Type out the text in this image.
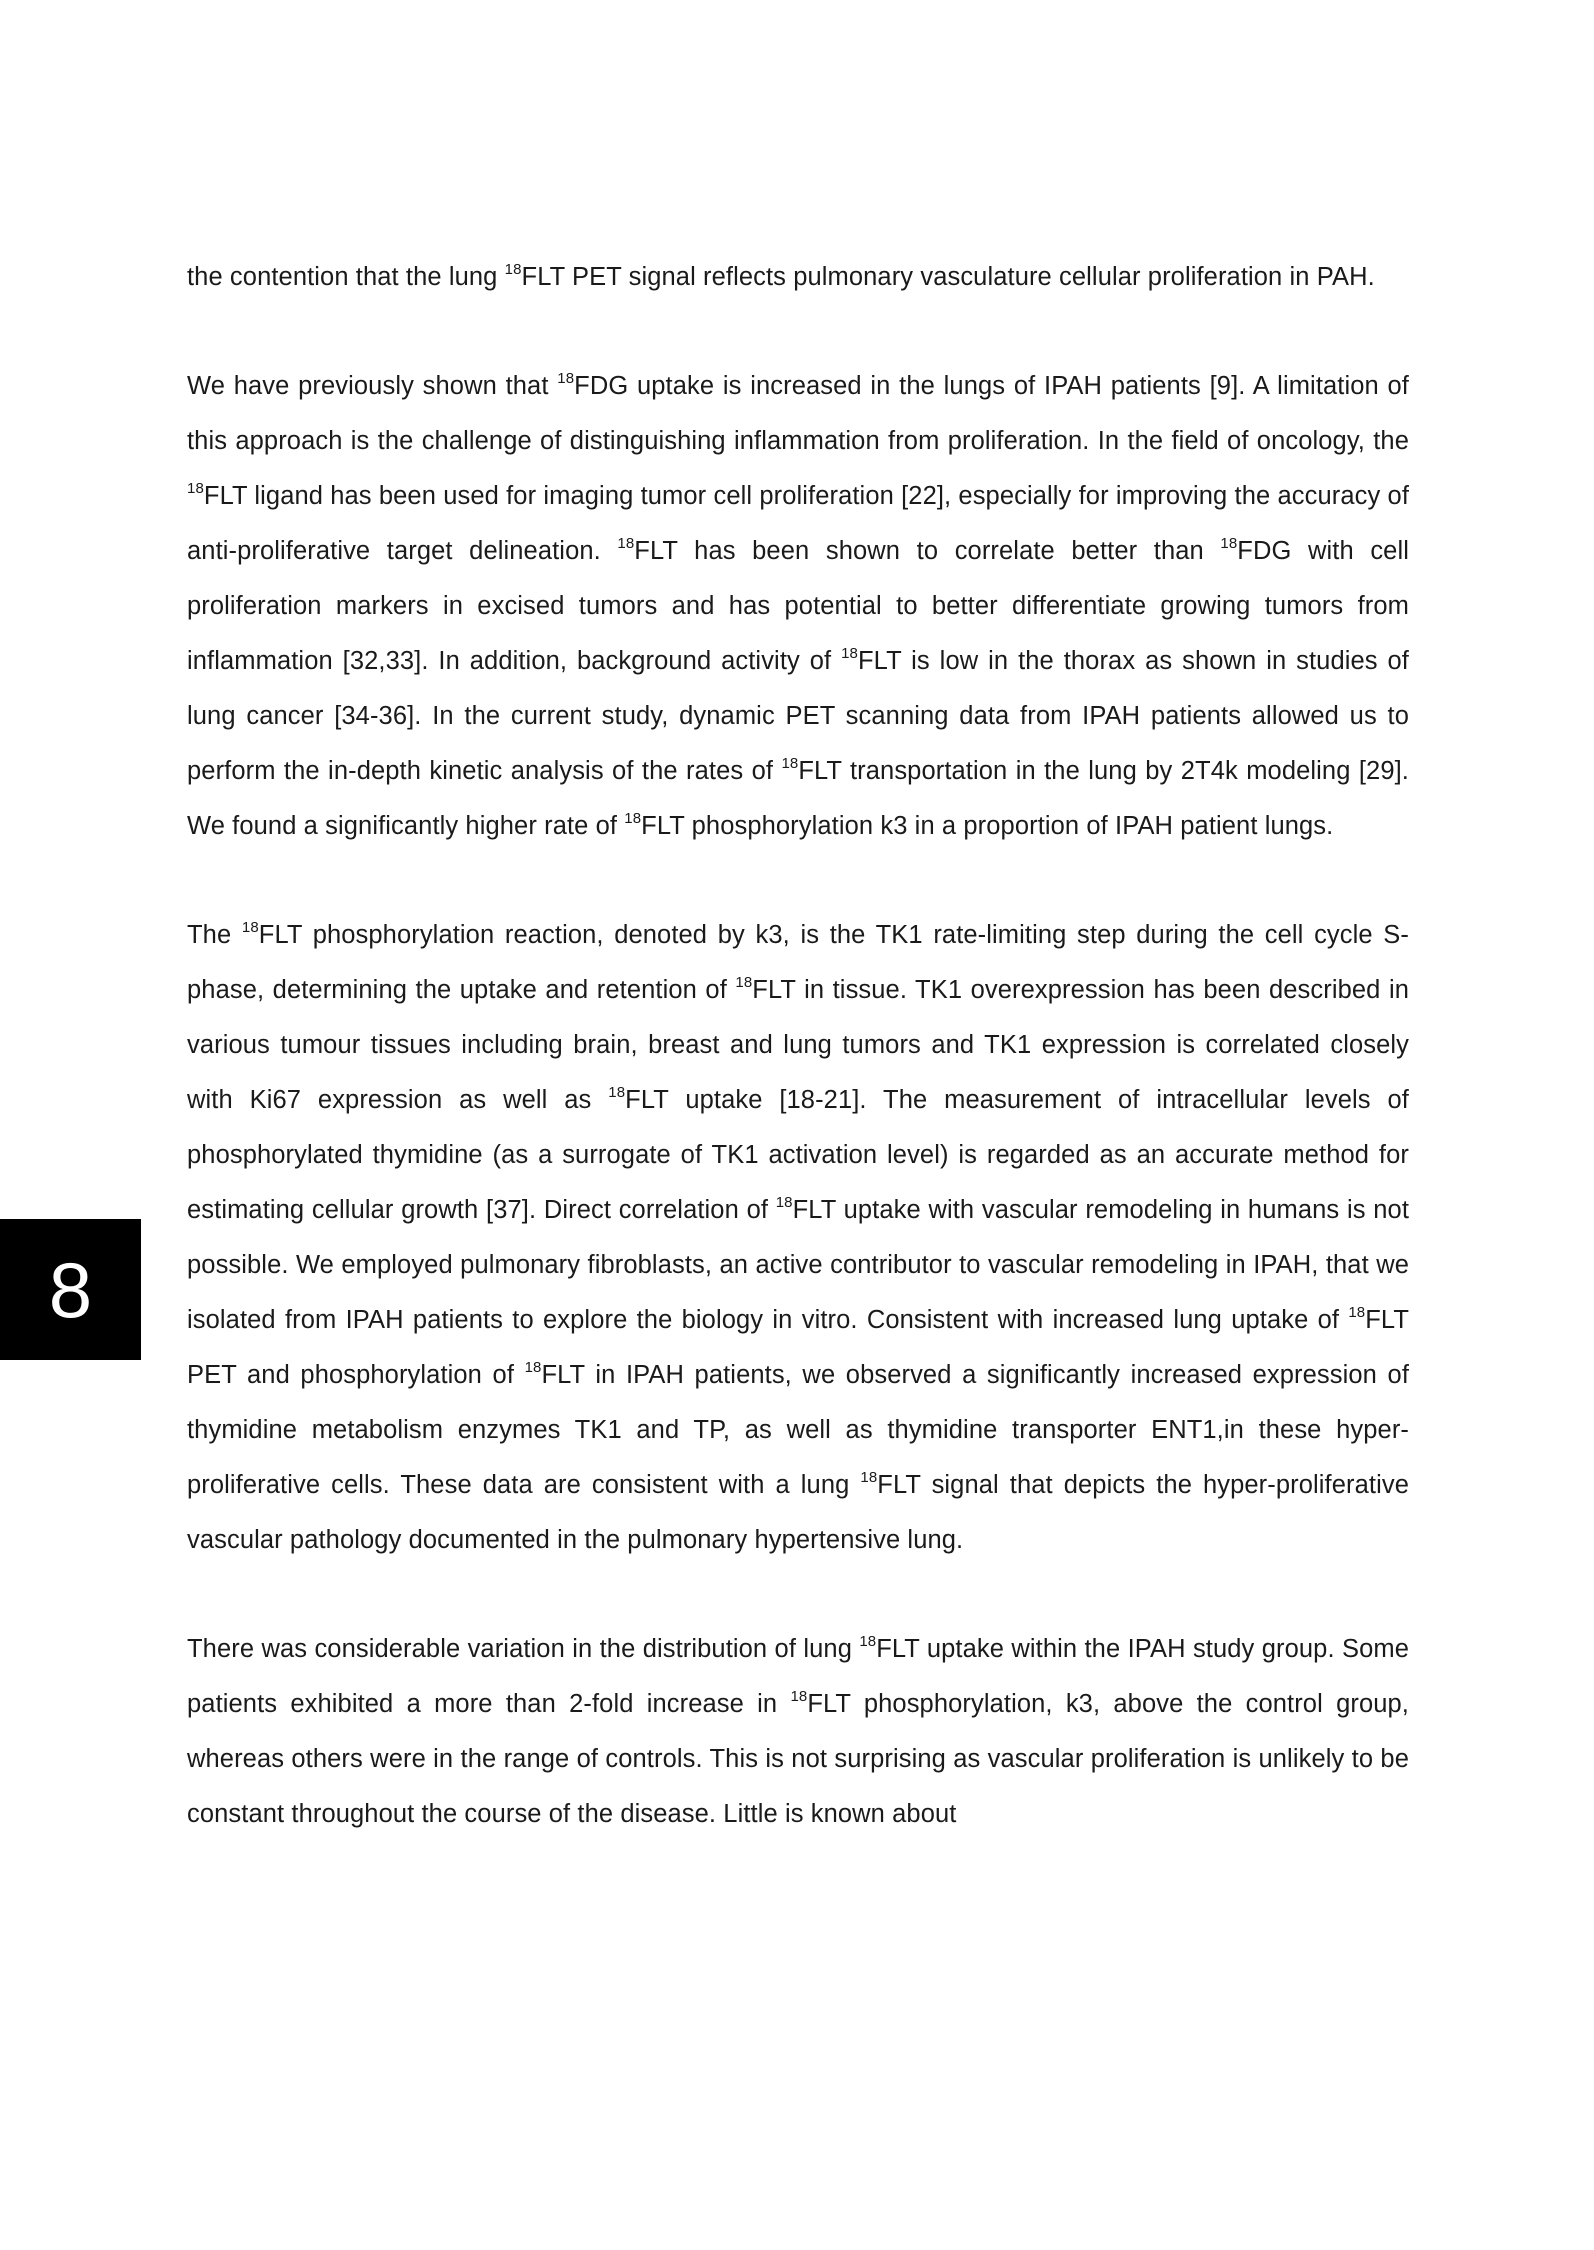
the contention that the lung $^{18}$FLT PET signal reflects pulmonary vasculature cellular proliferation in PAH.

We have previously shown that $^{18}$FDG uptake is increased in the lungs of IPAH patients [9]. A limitation of this approach is the challenge of distinguishing inflammation from proliferation. In the field of oncology, the $^{18}$FLT ligand has been used for imaging tumor cell proliferation [22], especially for improving the accuracy of anti-proliferative target delineation. $^{18}$FLT has been shown to correlate better than $^{18}$FDG with cell proliferation markers in excised tumors and has potential to better differentiate growing tumors from inflammation [32,33]. In addition, background activity of $^{18}$FLT is low in the thorax as shown in studies of lung cancer [34-36]. In the current study, dynamic PET scanning data from IPAH patients allowed us to perform the in-depth kinetic analysis of the rates of $^{18}$FLT transportation in the lung by 2T4k modeling [29]. We found a significantly higher rate of $^{18}$FLT phosphorylation k3 in a proportion of IPAH patient lungs.

The $^{18}$FLT phosphorylation reaction, denoted by k3, is the TK1 rate-limiting step during the cell cycle S-phase, determining the uptake and retention of $^{18}$FLT in tissue. TK1 overexpression has been described in various tumour tissues including brain, breast and lung tumors and TK1 expression is correlated closely with Ki67 expression as well as $^{18}$FLT uptake [18-21]. The measurement of intracellular levels of phosphorylated thymidine (as a surrogate of TK1 activation level) is regarded as an accurate method for estimating cellular growth [37]. Direct correlation of $^{18}$FLT uptake with vascular remodeling in humans is not possible. We employed pulmonary fibroblasts, an active contributor to vascular remodeling in IPAH, that we isolated from IPAH patients to explore the biology in vitro. Consistent with increased lung uptake of $^{18}$FLT PET and phosphorylation of $^{18}$FLT in IPAH patients, we observed a significantly increased expression of thymidine metabolism enzymes TK1 and TP, as well as thymidine transporter ENT1,in these hyper-proliferative cells. These data are consistent with a lung $^{18}$FLT signal that depicts the hyper-proliferative vascular pathology documented in the pulmonary hypertensive lung.

There was considerable variation in the distribution of lung $^{18}$FLT uptake within the IPAH study group. Some patients exhibited a more than 2-fold increase in $^{18}$FLT phosphorylation, k3, above the control group, whereas others were in the range of controls. This is not surprising as vascular proliferation is unlikely to be constant throughout the course of the disease. Little is known about

8
